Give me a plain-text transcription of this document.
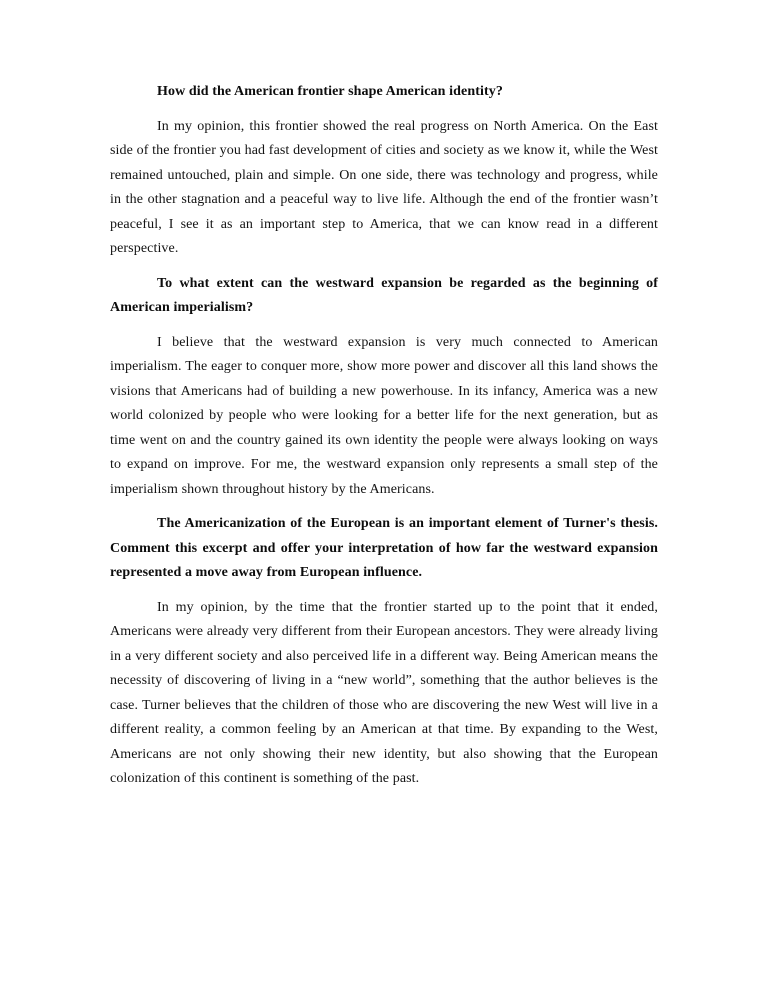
How did the American frontier shape American identity?

In my opinion, this frontier showed the real progress on North America. On the East side of the frontier you had fast development of cities and society as we know it, while the West remained untouched, plain and simple. On one side, there was technology and progress, while in the other stagnation and a peaceful way to live life. Although the end of the frontier wasn’t peaceful, I see it as an important step to America, that we can know read in a different perspective.

To what extent can the westward expansion be regarded as the beginning of American imperialism?

I believe that the westward expansion is very much connected to American imperialism. The eager to conquer more, show more power and discover all this land shows the visions that Americans had of building a new powerhouse. In its infancy, America was a new world colonized by people who were looking for a better life for the next generation, but as time went on and the country gained its own identity the people were always looking on ways to expand on improve. For me, the westward expansion only represents a small step of the imperialism shown throughout history by the Americans.

The Americanization of the European is an important element of Turner's thesis. Comment this excerpt and offer your interpretation of how far the westward expansion represented a move away from European influence.

In my opinion, by the time that the frontier started up to the point that it ended, Americans were already very different from their European ancestors. They were already living in a very different society and also perceived life in a different way. Being American means the necessity of discovering of living in a “new world”, something that the author believes is the case. Turner believes that the children of those who are discovering the new West will live in a different reality, a common feeling by an American at that time. By expanding to the West, Americans are not only showing their new identity, but also showing that the European colonization of this continent is something of the past.
